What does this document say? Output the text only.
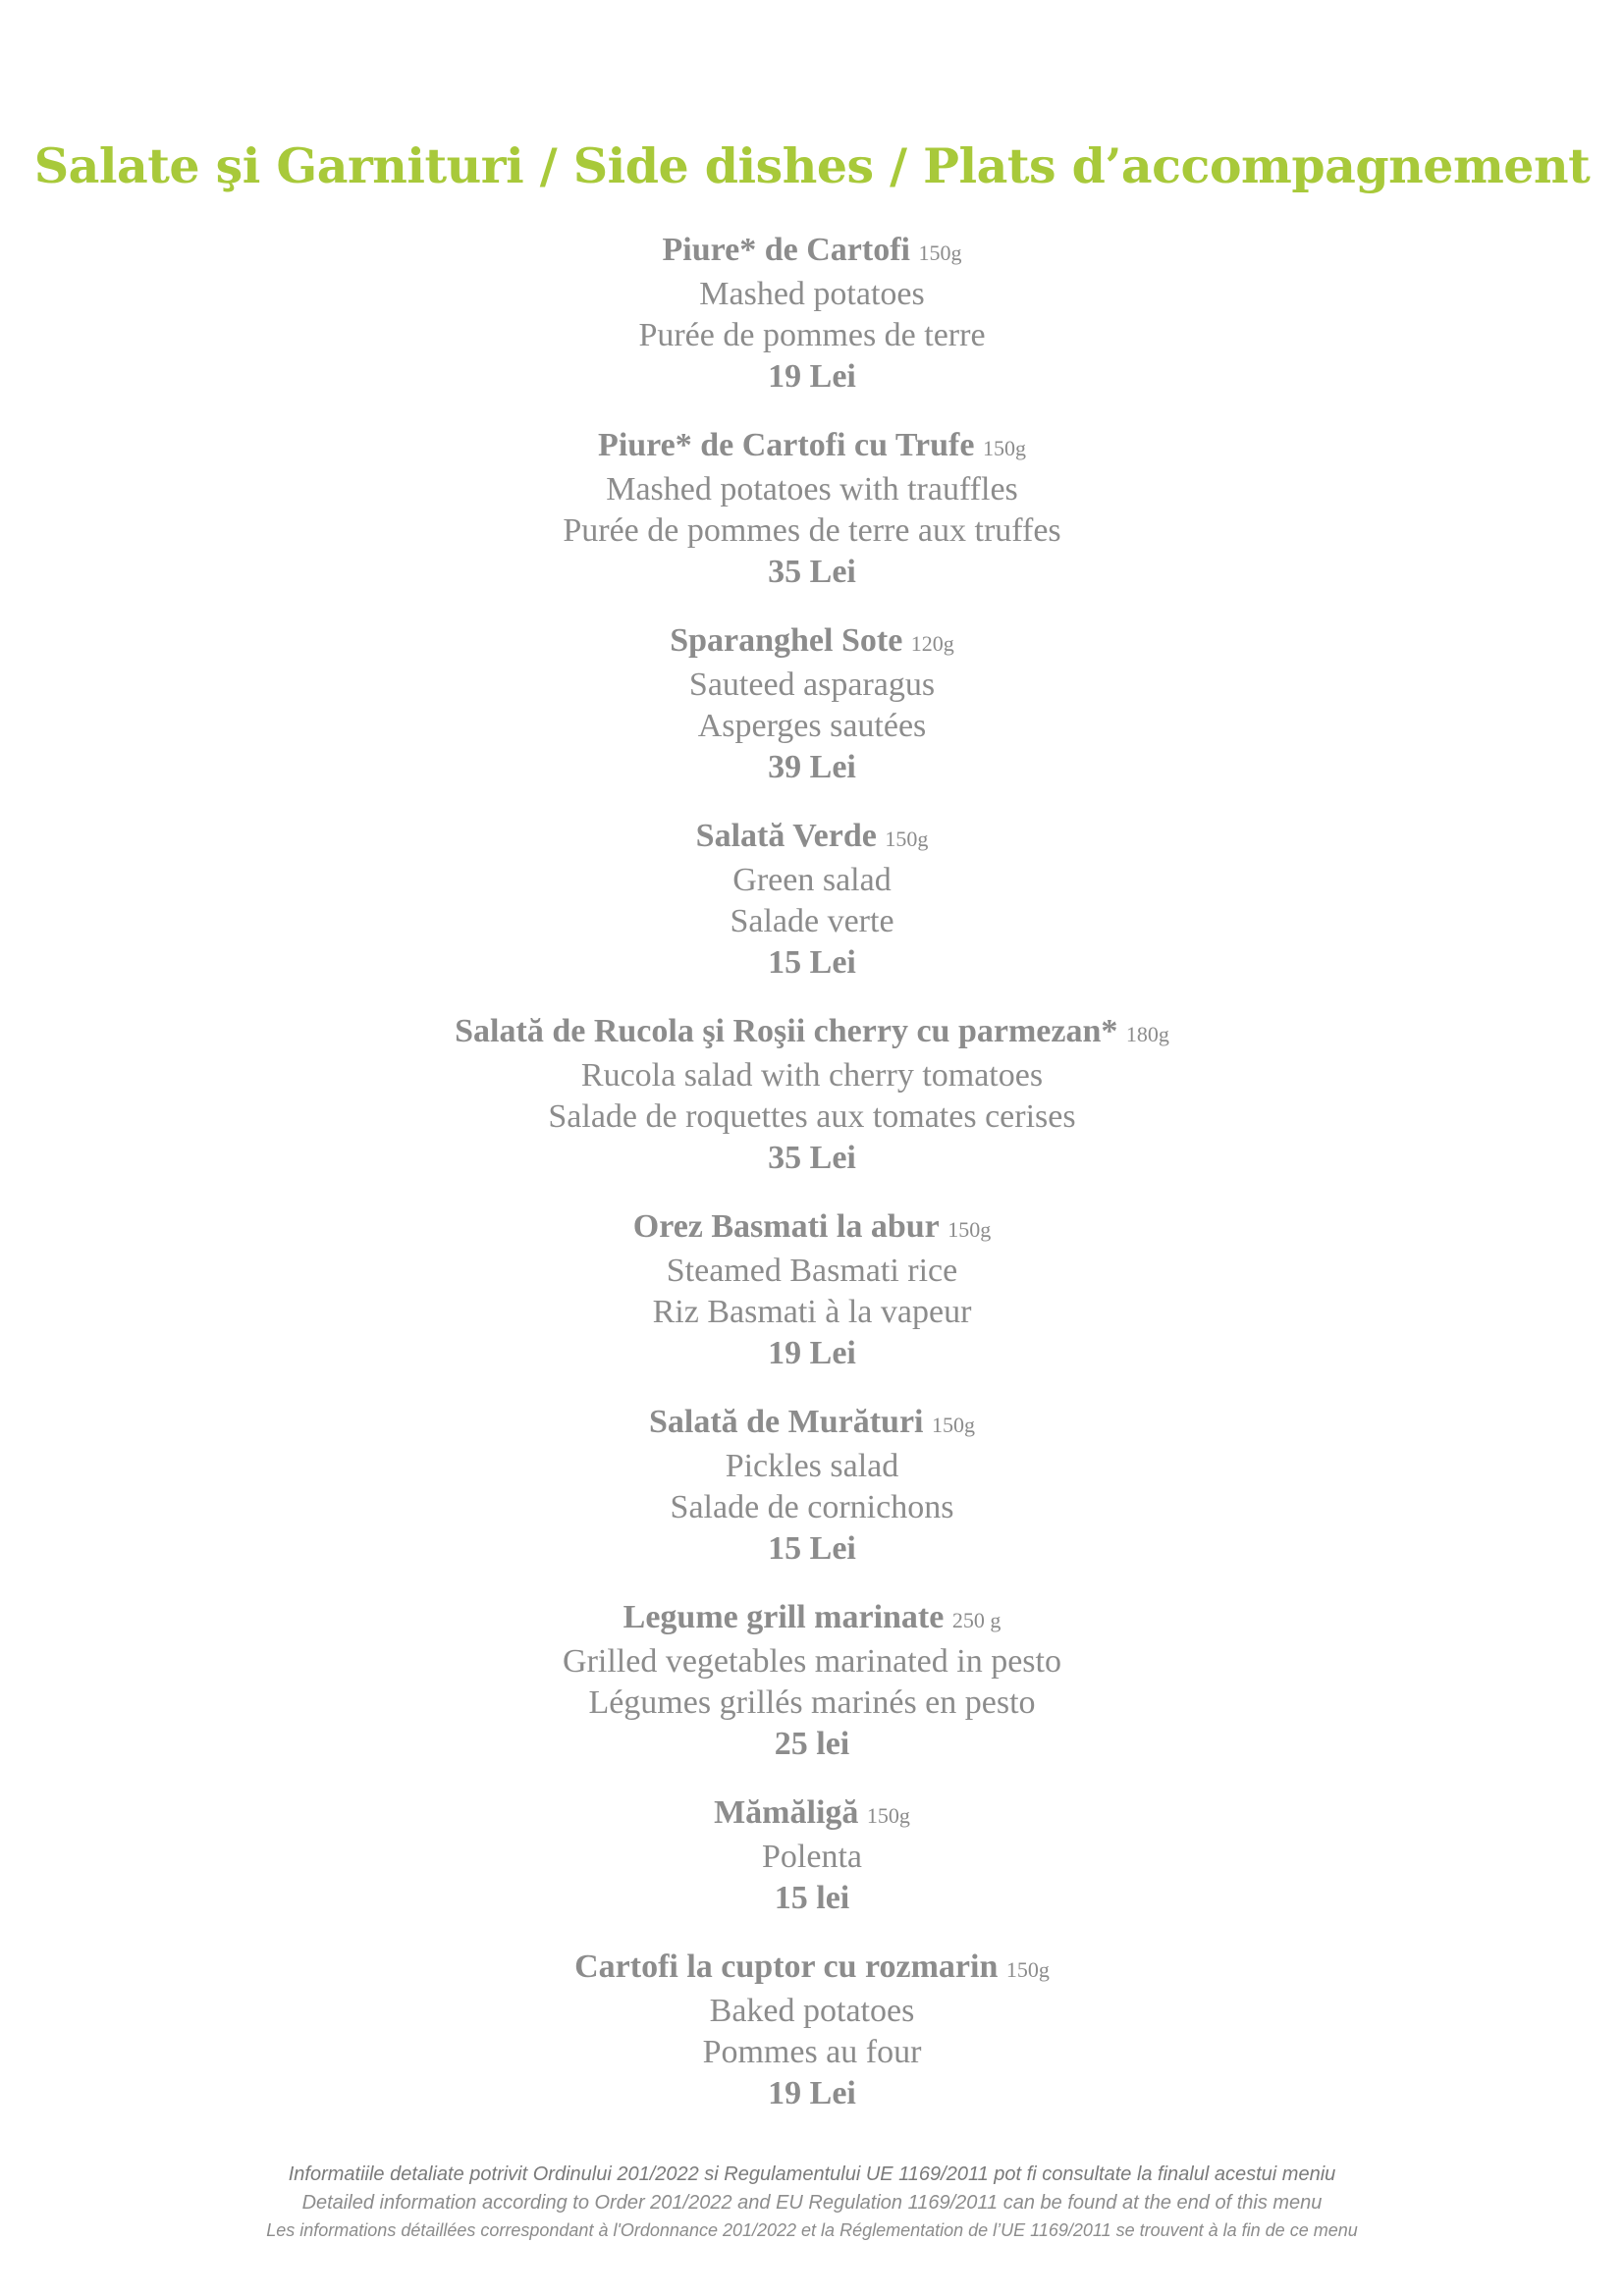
Salate şi Garnituri / Side dishes / Plats d’accompagnement
Piure* de Cartofi 150g
Mashed potatoes
Purée de pommes de terre
19 Lei
Piure* de Cartofi cu Trufe 150g
Mashed potatoes with trauffles
Purée de pommes de terre aux truffes
35 Lei
Sparanghel Sote 120g
Sauteed asparagus
Asperges sautées
39 Lei
Salată Verde 150g
Green salad
Salade verte
15 Lei
Salată de Rucola şi Roşii cherry cu parmezan* 180g
Rucola salad with cherry tomatoes
Salade de roquettes aux tomates cerises
35 Lei
Orez Basmati la abur 150g
Steamed Basmati rice
Riz Basmati à la vapeur
19 Lei
Salată de Murături 150g
Pickles salad
Salade de cornichons
15 Lei
Legume grill marinate 250 g
Grilled vegetables marinated in pesto
Légumes grillés marinés en pesto
25 lei
Mămăligă 150g
Polenta
15 lei
Cartofi la cuptor cu rozmarin 150g
Baked potatoes
Pommes au four
19 Lei
Informatiile detaliate potrivit Ordinului 201/2022 si Regulamentului UE 1169/2011 pot fi consultate la finalul acestui meniu
Detailed information according to Order 201/2022 and EU Regulation 1169/2011 can be found at the end of this menu
Les informations détaillées correspondant à l'Ordonnance 201/2022 et la Réglementation de l’UE 1169/2011 se trouvent à la fin de ce menu
